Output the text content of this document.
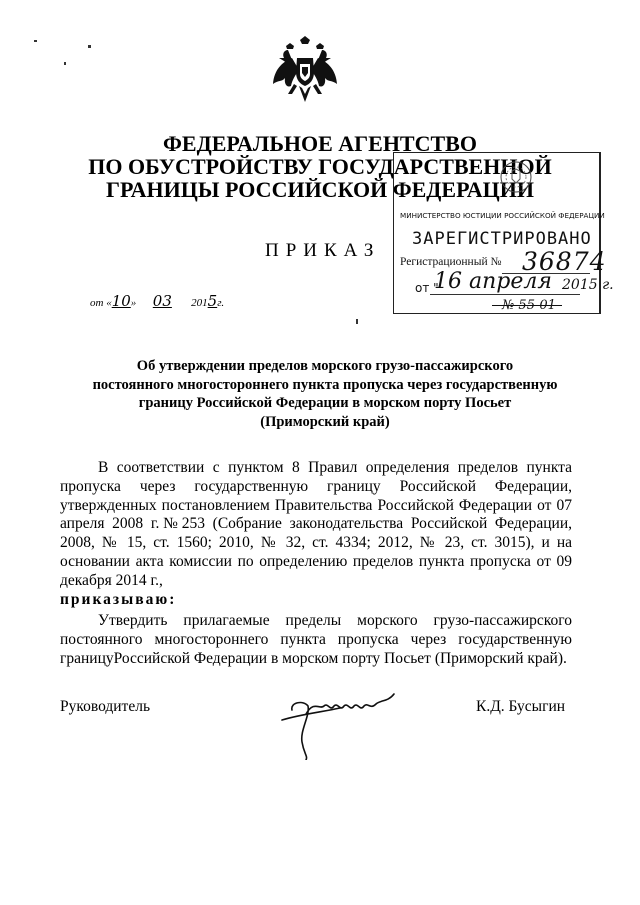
ФЕДЕРАЛЬНОЕ АГЕНТСТВО
ПО ОБУСТРОЙСТВУ ГОСУДАРСТВЕННОЙ
ГРАНИЦЫ РОССИЙСКОЙ ФЕДЕРАЦИИ
МИНИСТЕРСТВО ЮСТИЦИИ РОССИЙСКОЙ ФЕДЕРАЦИИ
ЗАРЕГИСТРИРОВАНО
Регистрационный № 36874
от "
16 апреля 2015 г.
№ 55-01
ПРИКАЗ
от «10» 03 2015г.
Об утверждении пределов морского грузо-пассажирского
постоянного многостороннего пункта пропуска через государственную
границу Российской Федерации в морском порту Посьет
(Приморский край)
В соответствии с пунктом 8 Правил определения пределов пункта пропуска через государственную границу Российской Федерации, утвержденных постановлением Правительства Российской Федерации от 07 апреля 2008 г.№253 (Собрание законодательства Российской Федерации, 2008, № 15, ст. 1560; 2010, № 32, ст. 4334; 2012, № 23, ст. 3015), и на основании акта комиссии по определению пределов пункта пропуска от 09 декабря 2014 г.,
приказываю:
Утвердить прилагаемые пределы морского грузо-пассажирского постоянного многостороннего пункта пропуска через государственную границуРоссийской Федерации в морском порту Посьет (Приморский край).
Руководитель	К.Д. Бусыгин
